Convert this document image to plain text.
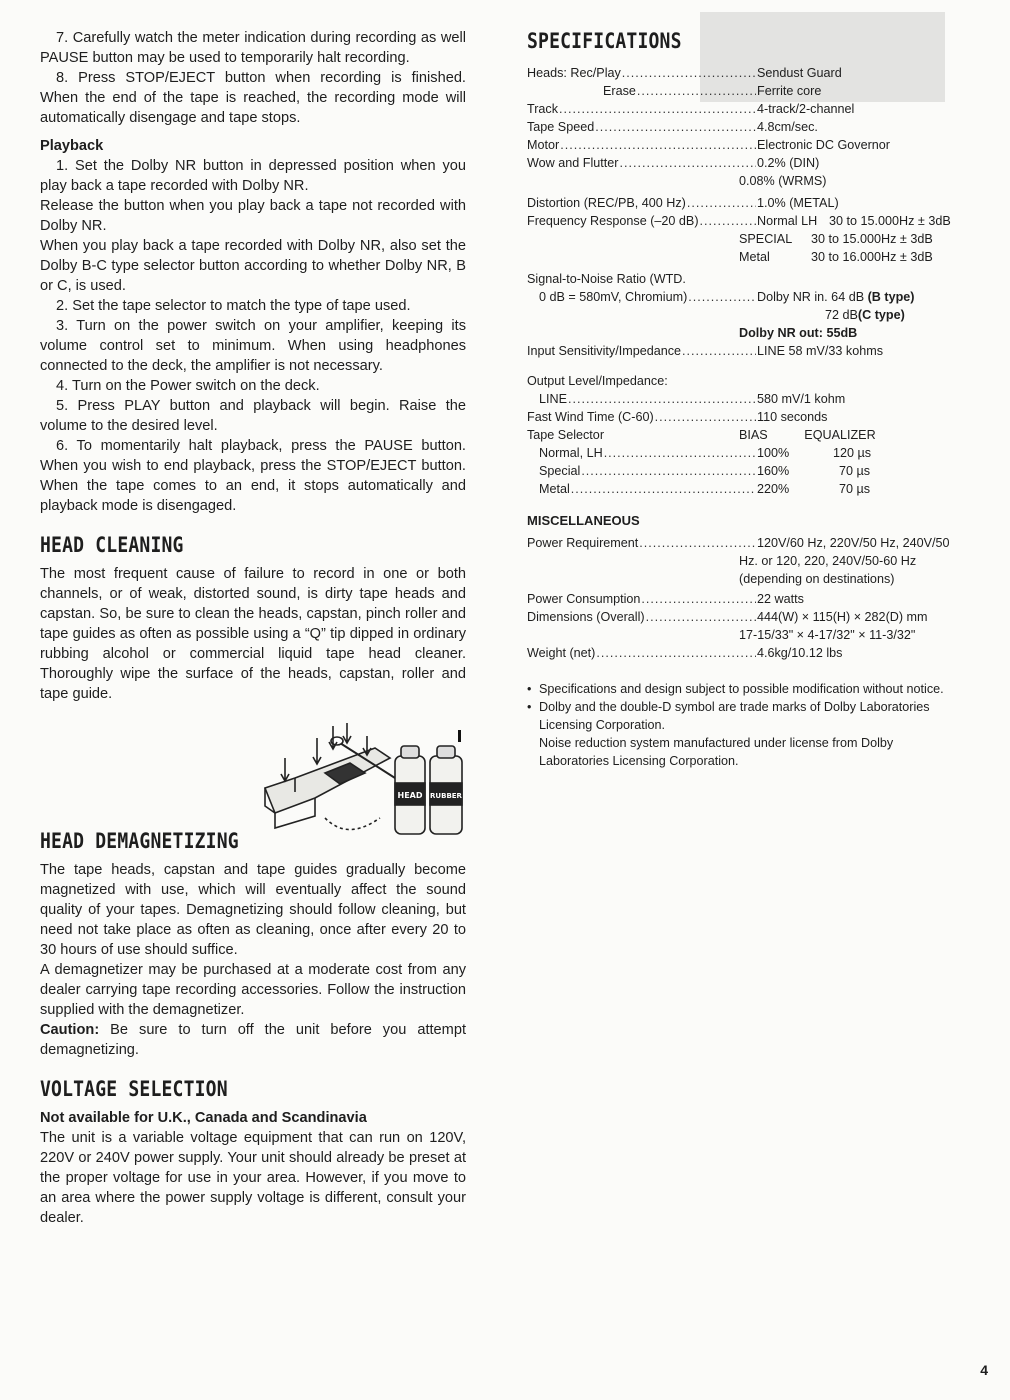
7. Carefully watch the meter indication during recording as well PAUSE button may be used to temporarily halt recording.

8. Press STOP/EJECT button when recording is finished. When the end of the tape is reached, the recording mode will automatically disengage and tape stops.

Playback

1. Set the Dolby NR button in depressed position when you play back a tape recorded with Dolby NR.

Release the button when you play back a tape not recorded with Dolby NR.

When you play back a tape recorded with Dolby NR, also set the Dolby B-C type selector button according to whether Dolby NR, B or C, is used.

2. Set the tape selector to match the type of tape used.

3. Turn on the power switch on your amplifier, keeping its volume control set to minimum. When using headphones connected to the deck, the amplifier is not necessary.

4. Turn on the Power switch on the deck.

5. Press PLAY button and playback will begin. Raise the volume to the desired level.

6. To momentarily halt playback, press the PAUSE button. When you wish to end playback, press the STOP/EJECT button. When the tape comes to an end, it stops automatically and playback mode is disengaged.

HEAD CLEANING

The most frequent cause of failure to record in one or both channels, or of weak, distorted sound, is dirty tape heads and capstan. So, be sure to clean the heads, capstan, pinch roller and tape guides as often as possible using a “Q” tip dipped in ordinary rubbing alcohol or commercial liquid tape head cleaner. Thoroughly wipe the surface of the heads, capstan, roller and tape guide.

HEAD DEMAGNETIZING

The tape heads, capstan and tape guides gradually become magnetized with use, which will eventually affect the sound quality of your tapes. Demagnetizing should follow cleaning, but need not take place as often as cleaning, once after every 20 to 30 hours of use should suffice.

A demagnetizer may be purchased at a moderate cost from any dealer carrying tape recording accessories. Follow the instruction supplied with the demagnetizer.

Caution: Be sure to turn off the unit before you attempt demagnetizing.

VOLTAGE SELECTION
Not available for U.K., Canada and Scandinavia

The unit is a variable voltage equipment that can run on 120V, 220V or 240V power supply. Your unit should already be preset at the proper voltage for use in your area. However, if you move to an area where the power supply voltage is different, consult your dealer.

HEAD RUBBER
SPECIFICATIONS
Heads: Rec/Play .....	Sendust Guard
Erase .....	Ferrite core
Track .....	4-track/2-channel
Tape Speed .....	4.8cm/sec.
Motor .....	Electronic DC Governor
Wow and Flutter .....	0.2% (DIN)
0.08% (WRMS)
Distortion (REC/PB, 400 Hz) .....	1.0% (METAL)
Frequency Response (–20 dB) .....	Normal LH 30 to 15.000Hz ± 3dB
SPECIAL 30 to 15.000Hz ± 3dB
Metal	30 to 16.000Hz ± 3dB
Signal-to-Noise Ratio (WTD.
0 dB = 580mV, Chromium) .....	Dolby NR in. 64 dB (B type)
72 dB(C type)
Dolby NR out: 55dB
Input Sensitivity/Impedance .....	LINE 58 mV/33 kohms
Output Level/Impedance:
LINE .....	580 mV/1 kohm
Fast Wind Time (C-60) .....	110 seconds
Tape Selector	BIAS	EQUALIZER
Normal, LH .....	100%	120 µs
Special .....	160%	70 µs
Metal .....	220%	70 µs
MISCELLANEOUS
Power Requirement .....	120V/60 Hz, 220V/50 Hz, 240V/50
Hz. or 120, 220, 240V/50-60 Hz
(depending on destinations)
Power Consumption .....	22 watts
Dimensions (Overall) .....	444(W) × 115(H) × 282(D) mm
17-15/33" × 4-17/32" × 11-3/32"
Weight (net) .....	4.6kg/10.12 lbs
• Specifications and design subject to possible modification without notice.
• Dolby and the double-D symbol are trade marks of Dolby Laboratories Licensing Corporation.
Noise reduction system manufactured under license from Dolby Laboratories Licensing Corporation.
4
